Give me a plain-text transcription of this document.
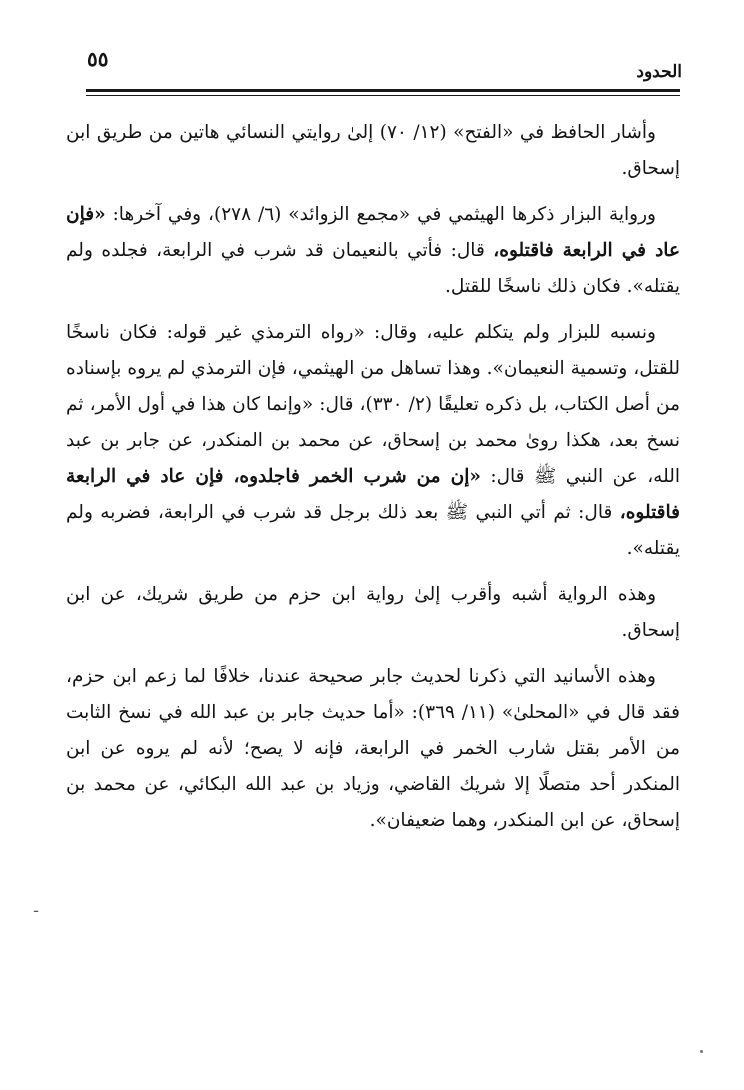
الحدود
٥٥

وأشار الحافظ في «الفتح» (١٢/ ٧٠) إلىٰ روايتي النسائي هاتين من طريق ابن إسحاق.

ورواية البزار ذكرها الهيثمي في «مجمع الزوائد» (٦/ ٢٧٨)، وفي آخرها: «فإن عاد في الرابعة فاقتلوه، قال: فأتي بالنعيمان قد شرب في الرابعة، فجلده ولم يقتله». فكان ذلك ناسخًا للقتل.

ونسبه للبزار ولم يتكلم عليه، وقال: «رواه الترمذي غير قوله: فكان ناسخًا للقتل، وتسمية النعيمان». وهذا تساهل من الهيثمي، فإن الترمذي لم يروه بإسناده من أصل الكتاب، بل ذكره تعليقًا (٢/ ٣٣٠)، قال: «وإنما كان هذا في أول الأمر، ثم نسخ بعد، هكذا روىٰ محمد بن إسحاق، عن محمد بن المنكدر، عن جابر بن عبد الله، عن النبي ﷺ قال: «إن من شرب الخمر فاجلدوه، فإن عاد في الرابعة فاقتلوه، قال: ثم أتي النبي ﷺ بعد ذلك برجل قد شرب في الرابعة، فضربه ولم يقتله».

وهذه الرواية أشبه وأقرب إلىٰ رواية ابن حزم من طريق شريك، عن ابن إسحاق.

وهذه الأسانيد التي ذكرنا لحديث جابر صحيحة عندنا، خلافًا لما زعم ابن حزم، فقد قال في «المحلىٰ» (١١/ ٣٦٩): «أما حديث جابر بن عبد الله في نسخ الثابت من الأمر بقتل شارب الخمر في الرابعة، فإنه لا يصح؛ لأنه لم يروه عن ابن المنكدر أحد متصلًا إلا شريك القاضي، وزياد بن عبد الله البكائي، عن محمد بن إسحاق، عن ابن المنكدر، وهما ضعيفان».

ـ
